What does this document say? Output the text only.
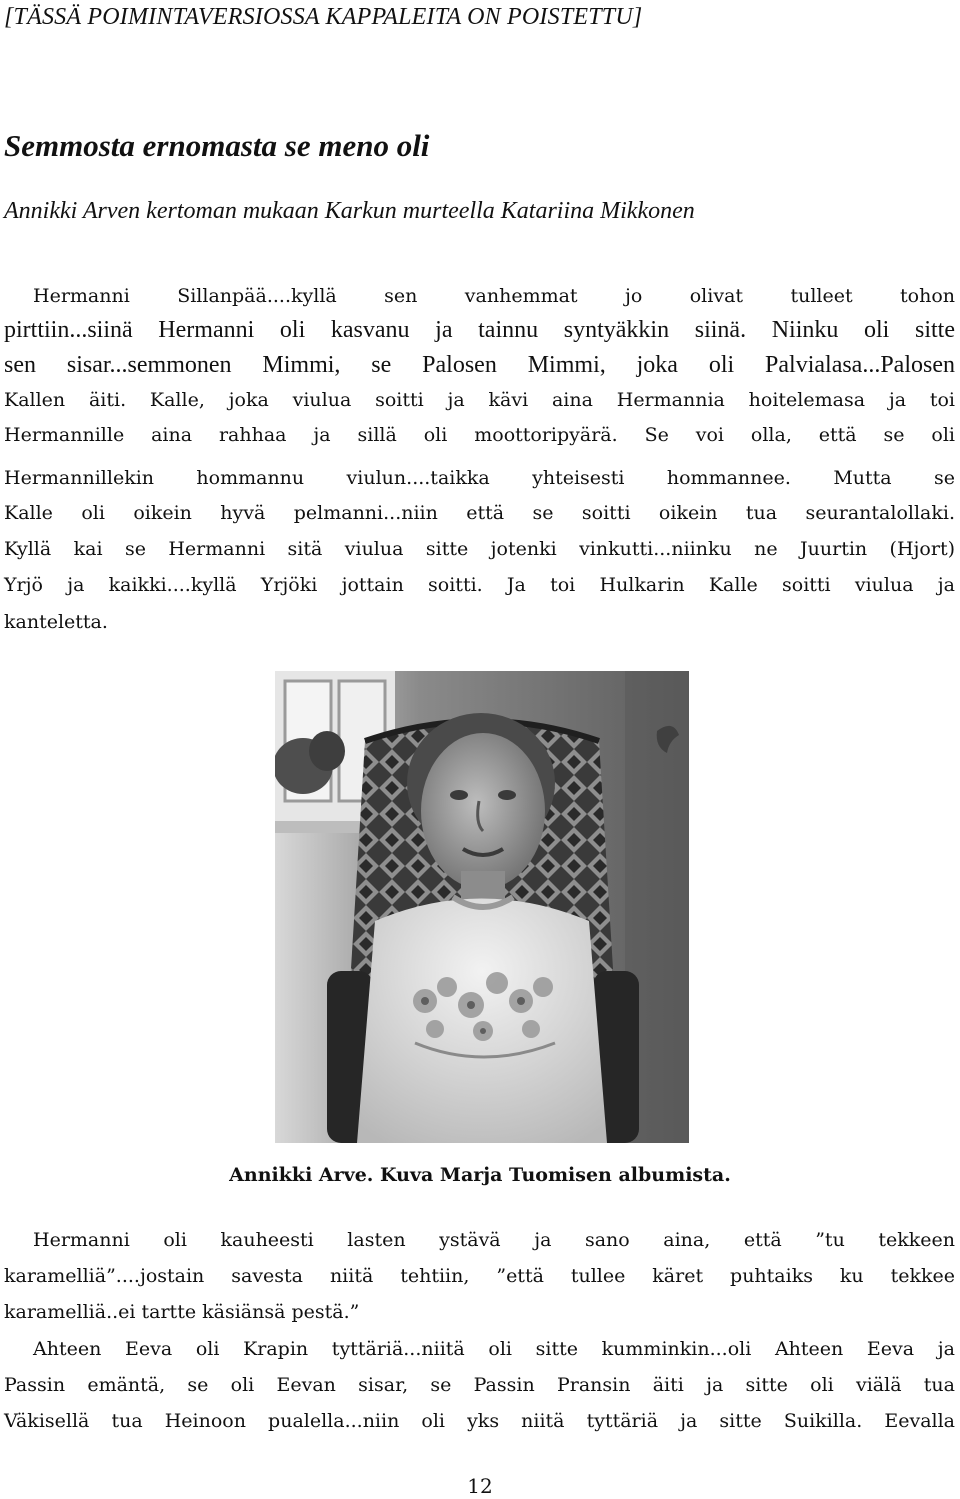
[TÄSSÄ POIMINTAVERSIOSSA KAPPALEITA ON POISTETTU]
Semmosta ernomasta se meno oli
Annikki Arven kertoman mukaan Karkun murteella Katariina Mikkonen
Hermanni Sillanpää....kyllä sen vanhemmat jo olivat tulleet tohon
pirttiin...siinä Hermanni oli kasvanu ja tainnu syntyäkkin siinä. Niinku oli sitte
sen sisar...semmonen Mimmi, se Palosen Mimmi, joka oli Palvialasa...Palosen
Kallen äiti. Kalle, joka viulua soitti ja kävi aina Hermannia hoitelemasa ja toi
Hermannille aina rahhaa ja sillä oli moottoripyärä. Se voi olla, että se oli
Hermannillekin hommannu viulun....taikka yhteisesti hommannee. Mutta se
Kalle oli oikein hyvä pelmanni...niin että se soitti oikein tua seurantalollaki.
Kyllä kai se Hermanni sitä viulua sitte jotenki vinkutti...niinku ne Juurtin (Hjort)
Yrjö ja kaikki....kyllä Yrjöki jottain soitti. Ja toi Hulkarin Kalle soitti viulua ja
kanteletta.
Annikki Arve. Kuva Marja Tuomisen albumista.
Hermanni oli kauheesti lasten ystävä ja sano aina, että ”tu tekkeen
karamelliä”....jostain savesta niitä tehtiin, ”että tullee käret puhtaiks ku tekkee
karamelliä..ei tartte käsiänsä pestä.”
Ahteen Eeva oli Krapin tyttäriä...niitä oli sitte kumminkin...oli Ahteen Eeva ja
Passin emäntä, se oli Eevan sisar, se Passin Pransin äiti ja sitte oli viälä tua
Väkisellä tua Heinoon pualella...niin oli yks niitä tyttäriä ja sitte Suikilla. Eevalla
12
